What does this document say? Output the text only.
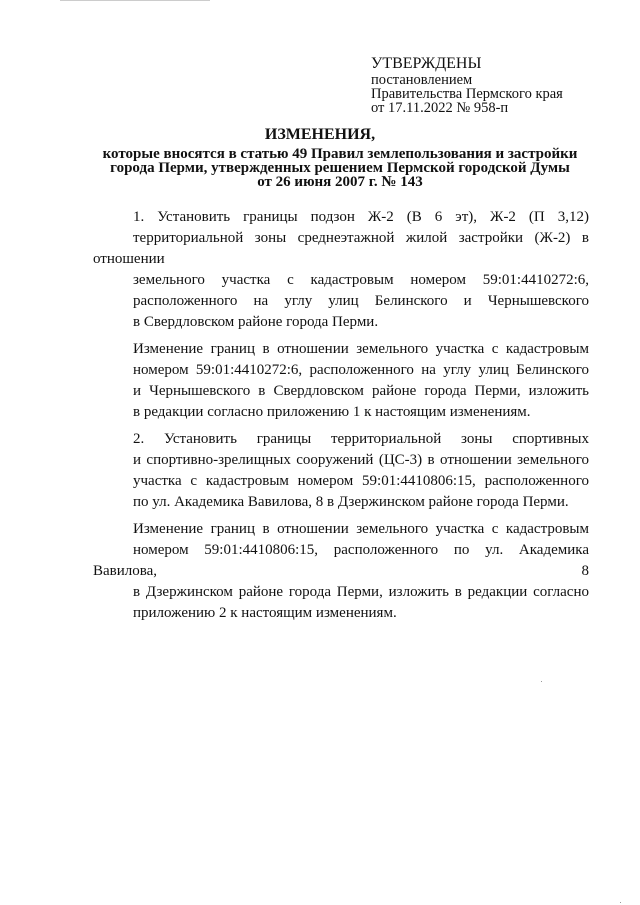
УТВЕРЖДЕНЫ
постановлением
Правительства Пермского края
от 17.11.2022 № 958-п
ИЗМЕНЕНИЯ,
которые вносятся в статью 49 Правил землепользования и застройки
города Перми, утвержденных решением Пермской городской Думы
от 26 июня 2007 г. № 143

1. Установить границы подзон Ж-2 (В 6 эт), Ж-2 (П 3,12)
территориальной зоны среднеэтажной жилой застройки (Ж-2) в отношении
земельного участка с кадастровым номером 59:01:4410272:6,
расположенного на углу улиц Белинского и Чернышевского
в Свердловском районе города Перми.

Изменение границ в отношении земельного участка с кадастровым
номером 59:01:4410272:6, расположенного на углу улиц Белинского
и Чернышевского в Свердловском районе города Перми, изложить
в редакции согласно приложению 1 к настоящим изменениям.

2. Установить границы территориальной зоны спортивных
и спортивно-зрелищных сооружений (ЦС-3) в отношении земельного
участка с кадастровым номером 59:01:4410806:15, расположенного
по ул. Академика Вавилова, 8 в Дзержинском районе города Перми.

Изменение границ в отношении земельного участка с кадастровым
номером 59:01:4410806:15, расположенного по ул. Академика Вавилова, 8
в Дзержинском районе города Перми, изложить в редакции согласно
приложению 2 к настоящим изменениям.
